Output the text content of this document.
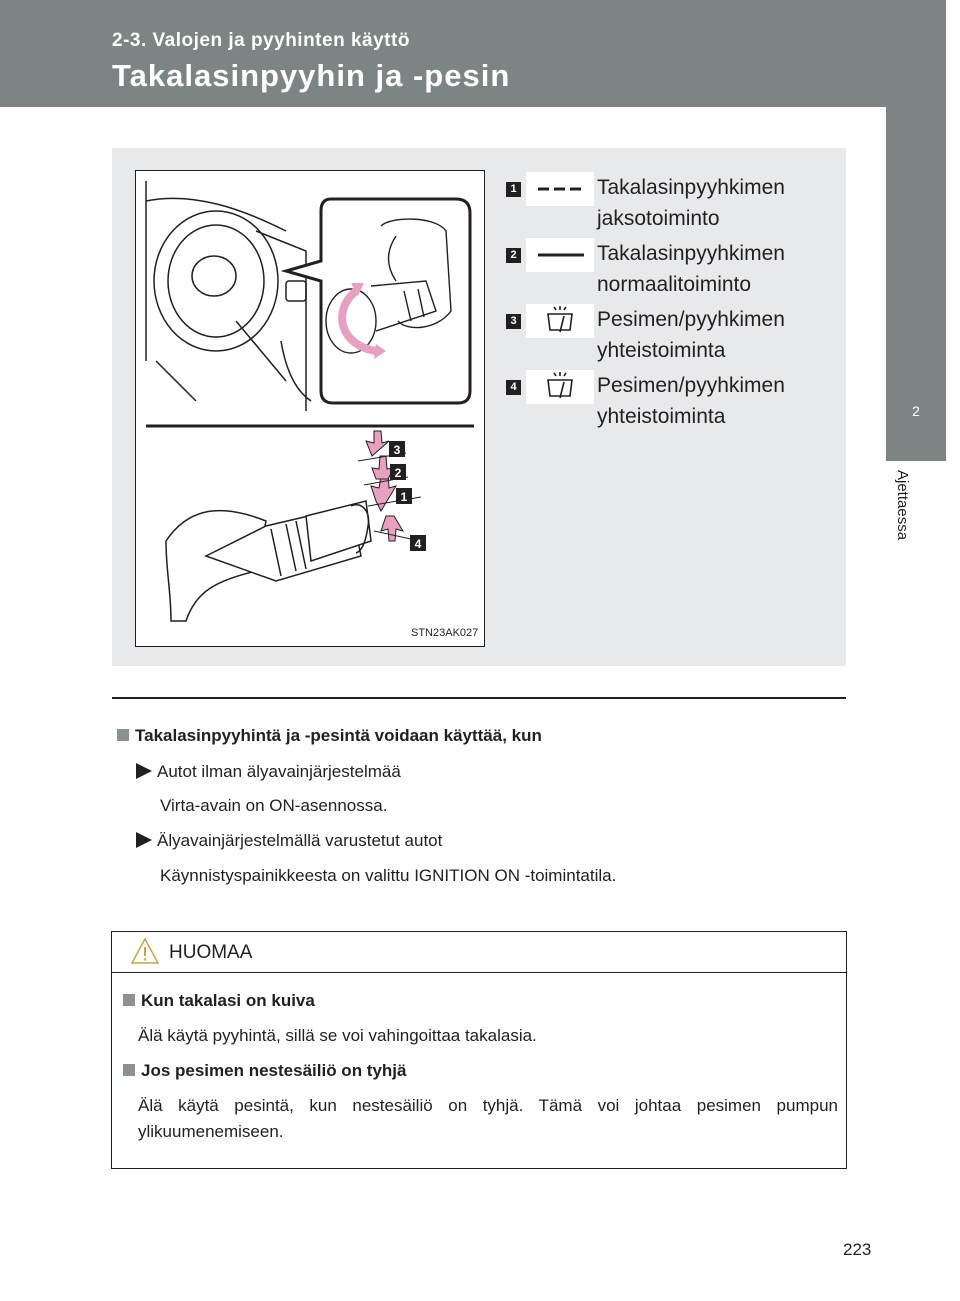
2-3. Valojen ja pyyhinten käyttö
Takalasinpyyhin ja -pesin
2
Ajettaessa
3
2
1
4
STN23AK027
1	Takalasinpyyhkimen
jaksotoiminto
2	Takalasinpyyhkimen
normaalitoiminto
3	Pesimen/pyyhkimen
yhteistoiminta
4	Pesimen/pyyhkimen
yhteistoiminta
Takalasinpyyhintä ja -pesintä voidaan käyttää, kun
Autot ilman älyavainjärjestelmää
Virta-avain on ON-asennossa.
Älyavainjärjestelmällä varustetut autot
Käynnistyspainikkeesta on valittu IGNITION ON -toimintatila.
HUOMAA
Kun takalasi on kuiva
Älä käytä pyyhintä, sillä se voi vahingoittaa takalasia.
Jos pesimen nestesäiliö on tyhjä
Älä käytä pesintä, kun nestesäiliö on tyhjä. Tämä voi johtaa pesimen pumpun ylikuumenemiseen.
223
